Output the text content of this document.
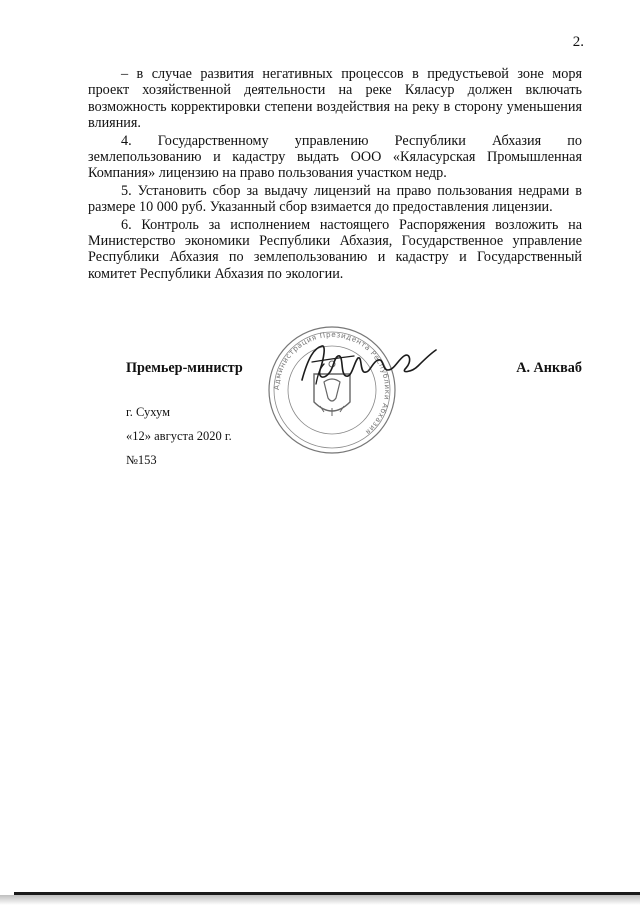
2.

– в случае развития негативных процессов в предустьевой зоне моря проект хозяйственной деятельности на реке Кяласур должен включать возможность корректировки степени воздействия на реку в сторону уменьшения влияния.

4. Государственному управлению Республики Абхазия по землепользованию и кадастру выдать ООО «Кяласурская Промышленная Компания» лицензию на право пользования участком недр.

5. Установить сбор за выдачу лицензий на право пользования недрами в размере 10 000 руб. Указанный сбор взимается до предоставления лицензии.

6. Контроль за исполнением настоящего Распоряжения возложить на Министерство экономики Республики Абхазия, Государственное управление Республики Абхазия по землепользованию и кадастру и Государственный комитет Республики Абхазия по экологии.

Администрация Президента Республики Абхазия
Премьер-министр	А. Анкваб
г. Сухум
«12» августа 2020 г.
№153
